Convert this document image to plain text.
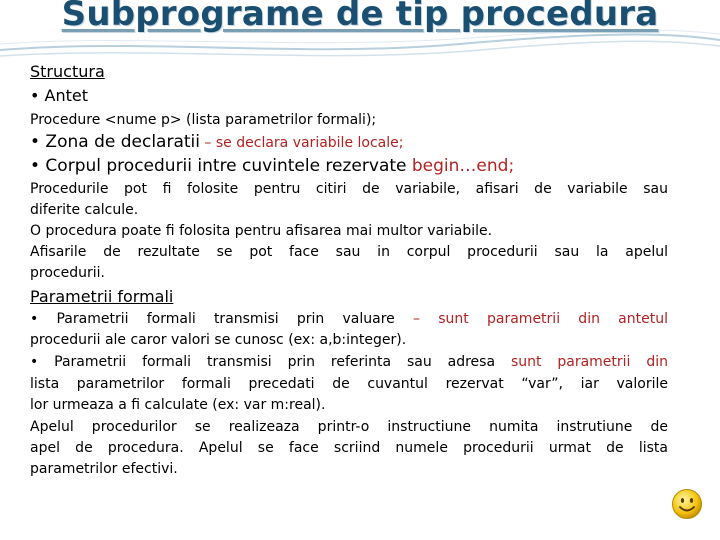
Subprograme de tip procedura
Structura
• Antet
Procedure <nume p> (lista parametrilor formali);
• Zona de declaratii – se declara variabile locale;
• Corpul procedurii intre cuvintele rezervate begin…end;
Procedurile pot fi folosite pentru citiri de variabile, afisari de variabile sau
diferite calcule.
O procedura poate fi folosita pentru afisarea mai multor variabile.
Afisarile de rezultate se pot face sau in corpul procedurii sau la apelul
procedurii.
Parametrii formali
• Parametrii formali transmisi prin valuare – sunt parametrii din antetul
procedurii ale caror valori se cunosc (ex: a,b:integer).
• Parametrii formali transmisi prin referinta sau adresa sunt parametrii din
lista parametrilor formali precedati de cuvantul rezervat “var”, iar valorile
lor urmeaza a fi calculate (ex: var m:real).
Apelul procedurilor se realizeaza printr-o instructiune numita instrutiune de
apel de procedura. Apelul se face scriind numele procedurii urmat de lista
parametrilor efectivi.
